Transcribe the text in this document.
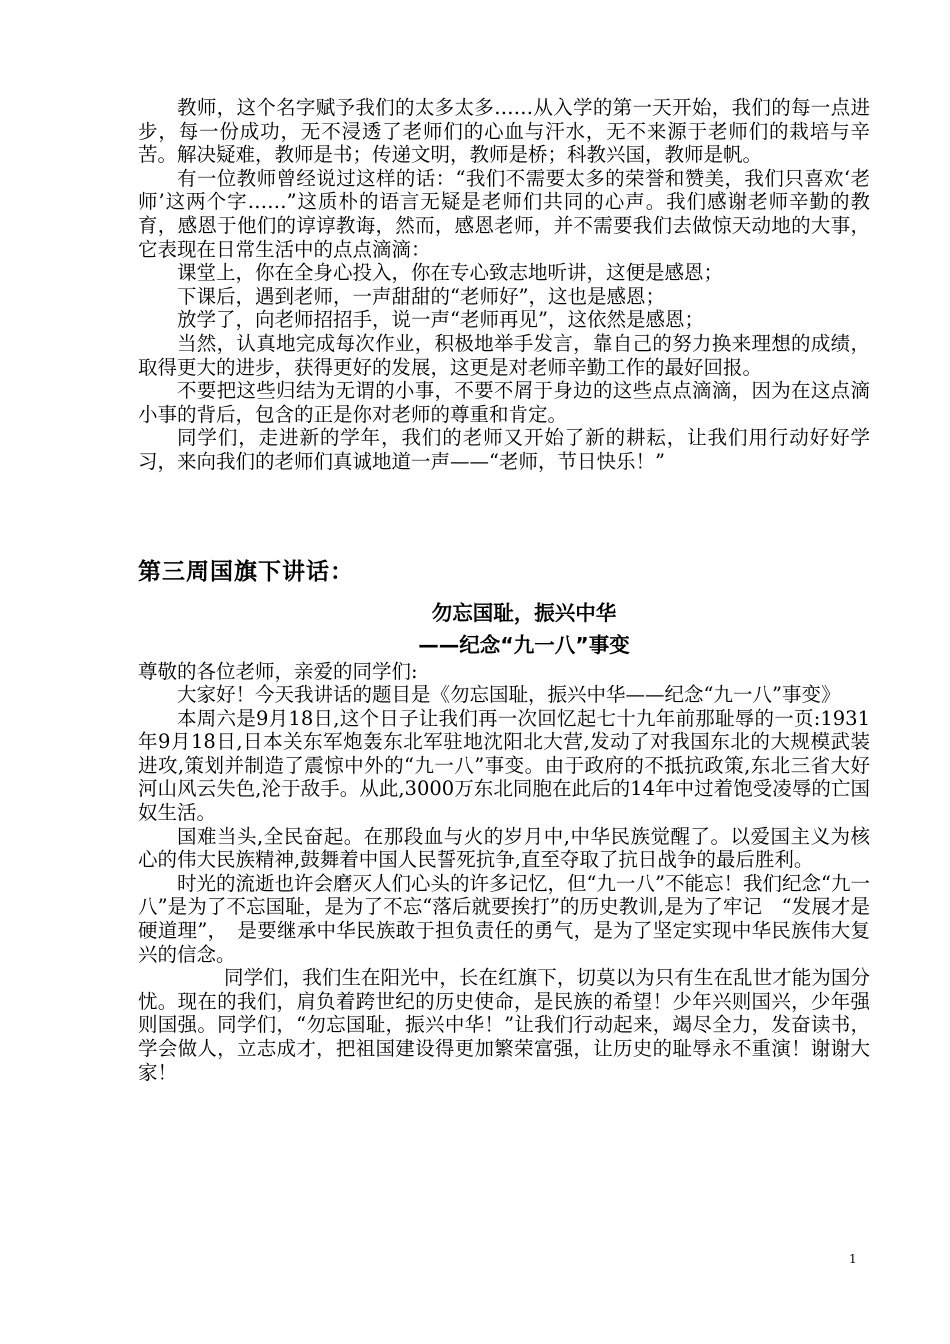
教师，这个名字赋予我们的太多太多……从入学的第一天开始，我们的每一点进步，每一份成功，无不浸透了老师们的心血与汗水，无不来源于老师们的栽培与辛苦。解决疑难，教师是书；传递文明，教师是桥；科教兴国，教师是帆。

有一位教师曾经说过这样的话：“我们不需要太多的荣誉和赞美，我们只喜欢‘老师’这两个字……”这质朴的语言无疑是老师们共同的心声。我们感谢老师辛勤的教育，感恩于他们的谆谆教诲，然而，感恩老师，并不需要我们去做惊天动地的大事，它表现在日常生活中的点点滴滴：

课堂上，你在全身心投入，你在专心致志地听讲，这便是感恩；

下课后，遇到老师，一声甜甜的“老师好”，这也是感恩；

放学了，向老师招招手，说一声“老师再见”，这依然是感恩；

当然，认真地完成每次作业，积极地举手发言，靠自己的努力换来理想的成绩，取得更大的进步，获得更好的发展，这更是对老师辛勤工作的最好回报。

不要把这些归结为无谓的小事，不要不屑于身边的这些点点滴滴，因为在这点滴小事的背后，包含的正是你对老师的尊重和肯定。

同学们，走进新的学年，我们的老师又开始了新的耕耘，让我们用行动好好学习，来向我们的老师们真诚地道一声——“老师，节日快乐！”

第三周国旗下讲话：
勿忘国耻，振兴中华
——纪念“九一八”事变

尊敬的各位老师，亲爱的同学们:

大家好！今天我讲话的题目是《勿忘国耻，振兴中华——纪念“九一八”事变》

本周六是9月18日,这个日子让我们再一次回忆起七十九年前那耻辱的一页:1931年9月18日,日本关东军炮轰东北军驻地沈阳北大营,发动了对我国东北的大规模武装进攻,策划并制造了震惊中外的“九一八”事变。由于政府的不抵抗政策,东北三省大好河山风云失色,沦于敌手。从此,3000万东北同胞在此后的14年中过着饱受凌辱的亡国奴生活。

国难当头,全民奋起。在那段血与火的岁月中,中华民族觉醒了。以爱国主义为核心的伟大民族精神,鼓舞着中国人民誓死抗争,直至夺取了抗日战争的最后胜利。

时光的流逝也许会磨灭人们心头的许多记忆，但“九一八”不能忘！我们纪念“九一八”是为了不忘国耻，是为了不忘“落后就要挨打”的历史教训,是为了牢记　“发展才是硬道理”，　是要继承中华民族敢于担负责任的勇气，是为了坚定实现中华民族伟大复兴的信念。

同学们，我们生在阳光中，长在红旗下，切莫以为只有生在乱世才能为国分忧。现在的我们，肩负着跨世纪的历史使命，是民族的希望！少年兴则国兴，少年强则国强。同学们，“勿忘国耻，振兴中华！”让我们行动起来，竭尽全力，发奋读书，学会做人，立志成才，把祖国建设得更加繁荣富强，让历史的耻辱永不重演！谢谢大家！

1
